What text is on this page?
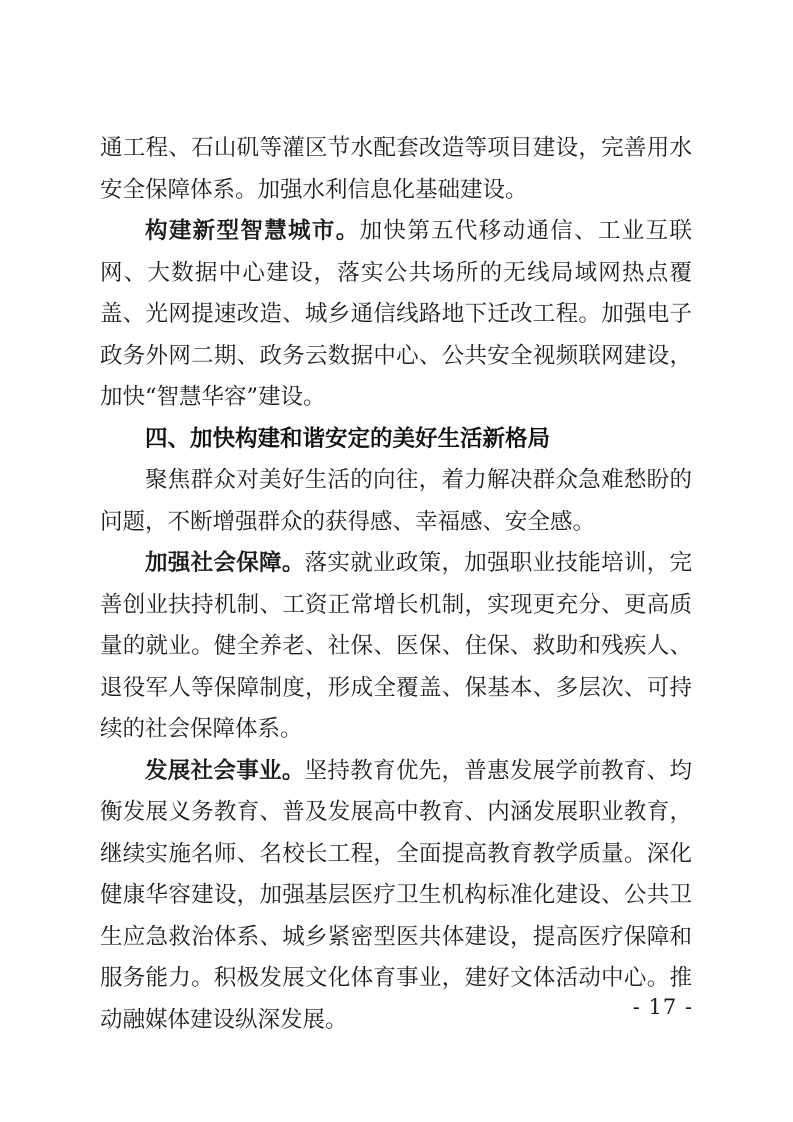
通工程、石山矶等灌区节水配套改造等项目建设，完善用水安全保障体系。加强水利信息化基础建设。

构建新型智慧城市。加快第五代移动通信、工业互联网、大数据中心建设，落实公共场所的无线局域网热点覆盖、光网提速改造、城乡通信线路地下迁改工程。加强电子政务外网二期、政务云数据中心、公共安全视频联网建设，加快“智慧华容”建设。

四、加快构建和谐安定的美好生活新格局

聚焦群众对美好生活的向往，着力解决群众急难愁盼的问题，不断增强群众的获得感、幸福感、安全感。

加强社会保障。落实就业政策，加强职业技能培训，完善创业扶持机制、工资正常增长机制，实现更充分、更高质量的就业。健全养老、社保、医保、住保、救助和残疾人、退役军人等保障制度，形成全覆盖、保基本、多层次、可持续的社会保障体系。

发展社会事业。坚持教育优先，普惠发展学前教育、均衡发展义务教育、普及发展高中教育、内涵发展职业教育，继续实施名师、名校长工程，全面提高教育教学质量。深化健康华容建设，加强基层医疗卫生机构标准化建设、公共卫生应急救治体系、城乡紧密型医共体建设，提高医疗保障和服务能力。积极发展文化体育事业，建好文体活动中心。推动融媒体建设纵深发展。	- 17 -
